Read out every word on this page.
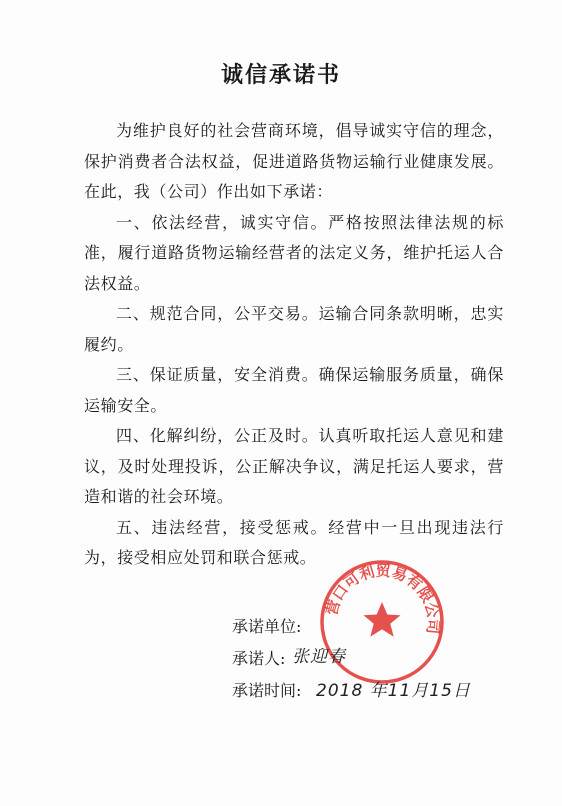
诚信承诺书

为维护良好的社会营商环境，倡导诚实守信的理念，保护消费者合法权益，促进道路货物运输行业健康发展。在此，我（公司）作出如下承诺：

一、依法经营，诚实守信。严格按照法律法规的标准，履行道路货物运输经营者的法定义务，维护托运人合法权益。

二、规范合同，公平交易。运输合同条款明晰，忠实履约。

三、保证质量，安全消费。确保运输服务质量，确保运输安全。

四、化解纠纷，公正及时。认真听取托运人意见和建议，及时处理投诉，公正解决争议，满足托运人要求，营造和谐的社会环境。

五、违法经营，接受惩戒。经营中一旦出现违法行为，接受相应处罚和联合惩戒。

营口可利贸易有限公司
承诺单位:
承诺人: 张迎春
承诺时间: 2018 年11月15日
